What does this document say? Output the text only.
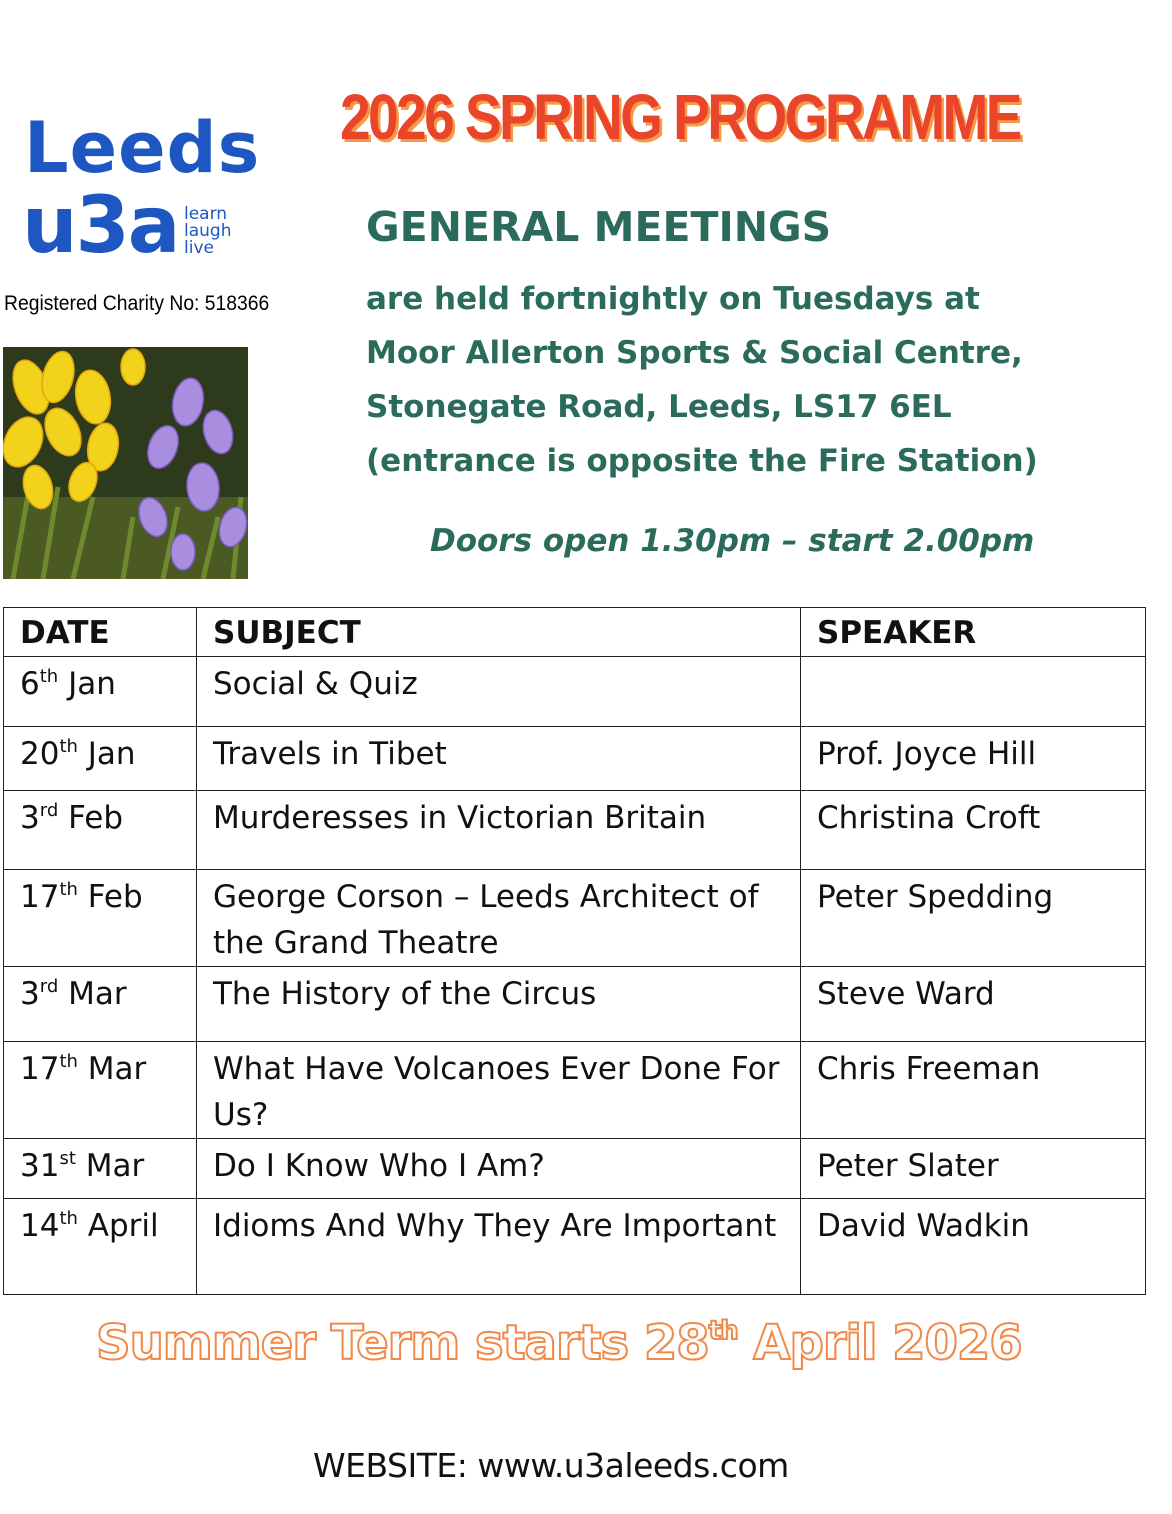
Leeds
u3a learn
laugh
live
Registered Charity No: 518366
2026 SPRING PROGRAMME
GENERAL MEETINGS
are held fortnightly on Tuesdays at
Moor Allerton Sports & Social Centre,
Stonegate Road, Leeds, LS17 6EL
(entrance is opposite the Fire Station)
Doors open 1.30pm – start 2.00pm
DATE	SUBJECT	SPEAKER
6th Jan	Social & Quiz	
20th Jan	Travels in Tibet	Prof. Joyce Hill
3rd Feb	Murderesses in Victorian Britain	Christina Croft
17th Feb	George Corson – Leeds Architect of the Grand Theatre	Peter Spedding
3rd Mar	The History of the Circus	Steve Ward
17th Mar	What Have Volcanoes Ever Done For Us?	Chris Freeman
31st Mar	Do I Know Who I Am?	Peter Slater
14th April	Idioms And Why They Are Important	David Wadkin
Summer Term starts 28th April 2026
WEBSITE: www.u3aleeds.com
